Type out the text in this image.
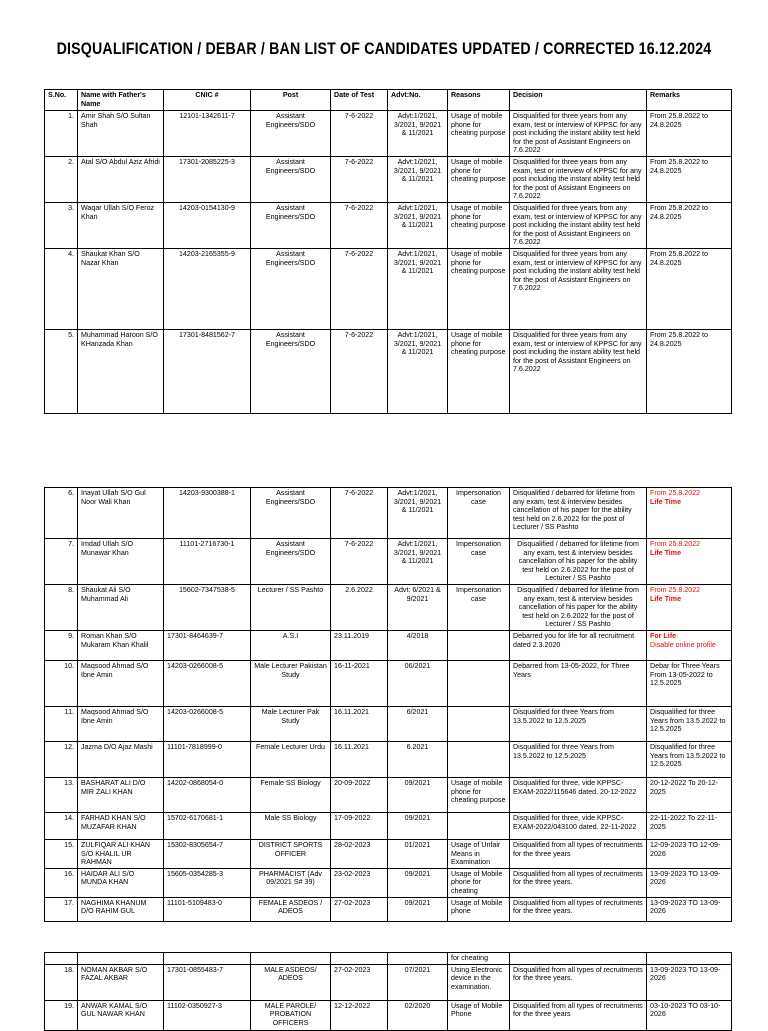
DISQUALIFICATION / DEBAR / BAN LIST OF CANDIDATES UPDATED / CORRECTED 16.12.2024
S.No.	Name with Father's Name	CNIC #	Post	Date of Test	Advt:No.	Reasons	Decision	Remarks
1.	Amir Shah S/O Sultan Shah	12101-1342611-7	Assistant Engineers/SDO	7-6-2022	Advt:1/2021, 3/2021, 9/2021 & 11/2021	Usage of mobile phone for cheating purpose	Disqualified for three years from any exam, test or interview of KPPSC for any post including the instant ability test held for the post of Assistant Engineers on 7.6.2022	From 25.8.2022 to 24.8.2025
2.	Atal S/O Abdul Aziz Afridi	17301-2085225-3	Assistant Engineers/SDO	7-6-2022	Advt:1/2021, 3/2021, 9/2021 & 11/2021	Usage of mobile phone for cheating purpose	Disqualified for three years from any exam, test or interview of KPPSC for any post including the instant ability test held for the post of Assistant Engineers on 7.6.2022	From 25.8.2022 to 24.8.2025
3.	Waqar Ullah S/O Feroz Khan	14203-0154130-9	Assistant Engineers/SDO	7-6-2022	Advt:1/2021, 3/2021, 9/2021 & 11/2021	Usage of mobile phone for cheating purpose	Disqualified for three years from any exam, test or interview of KPPSC for any post including the instant ability test held for the post of Assistant Engineers on 7.6.2022	From 25.8.2022 to 24.8.2025
4.	Shaukat Khan S/O Nazar Khan	14203-2165355-9	Assistant Engineers/SDO	7-6-2022	Advt:1/2021, 3/2021, 9/2021 & 11/2021	Usage of mobile phone for cheating purpose	Disqualified for three years from any exam, test or interview of KPPSC for any post including the instant ability test held for the post of Assistant Engineers on 7.6.2022	From 25.8.2022 to 24.8.2025
5.	Muhammad Haroon S/O KHanzada Khan	17301-8481562-7	Assistant Engineers/SDO	7-6-2022	Advt:1/2021, 3/2021, 9/2021 & 11/2021	Usage of mobile phone for cheating purpose	Disqualified for three years from any exam, test or interview of KPPSC for any post including the instant ability test held for the post of Assistant Engineers on 7.6.2022	From 25.8.2022 to 24.8.2025
6.	Inayat Ullah S/O Gul Noor Wali Khan	14203-9300388-1	Assistant Engineers/SDO	7-6-2022	Advt:1/2021, 3/2021, 9/2021 & 11/2021	Impersonation case	Disqualified / debarred for lifetime from any exam, test & interview besides cancellation of his paper for the ability test held on 2.6.2022 for the post of Lecturer / SS Pashto	From 25.8.2022
Life Time

7.	Imdad Ullah S/O Munawar Khan	11101-2716730-1	Assistant Engineers/SDO	7-6-2022	Advt:1/2021, 3/2021, 9/2021 & 11/2021	Impersonation case	Disqualified / debarred for lifetime from any exam, test & interview besides cancellation of his paper for the ability test held on 2.6.2022 for the post of Lecturer / SS Pashto	From 25.8.2022
Life Time

8.	Shaukat Ali S/O Muhammad Ali	15602-7347538-5	Lecturer / SS Pashto	2.6.2022	Advt: 6/2021 & 9/2021	Impersonation case	Disqualified / debarred for lifetime from any exam, test & interview besides cancellation of his paper for the ability test held on 2.6.2022 for the post of Lecturer / SS Pashto	From 25.8.2022
Life Time

9.	Roman Khan S/O Mukaram Khan Khalil	17301-8464639-7	A.S.I	23.11.2019	4/2018		Debarred you for life for all recruitment dated 2.3.2020	For Life
Disable online profile

10.	Maqsood Ahmad S/O Ibne Amin	14203-0266008-5	Male Lecturer Pakistan Study	16-11-2021	06/2021		Debarred from 13-05-2022, for Three Years	Debar for Three Years From 13-05-2022 to 12.5.2025
11.	Maqsood Ahmad S/O Ibne Amin	14203-0266008-5	Male Lecturer Pak Study	16.11.2021	6/2021		Disqualified for three Years from 13.5.2022 to 12.5.2025	Disqualified for three Years from 13.5.2022 to 12.5.2025
12.	Jazma D/O Ajaz Mashi	11101-7818999-0	Female Lecturer Urdu	16.11.2021	6.2021		Disqualified for three Years from 13.5.2022 to 12.5.2025	Disqualified for three Years from 13.5.2022 to 12.5.2025
13.	BASHARAT ALI D/O MIR ZALI KHAN	14202-0868054-0	Female SS Biology	20-09-2022	09/2021	Usage of mobile phone for cheating purpose	Disqualified for three, vide KPPSC-EXAM-2022/115646 dated. 20-12-2022	20-12-2022 To 20-12-2025
14.	FARHAD KHAN S/O MUZAFAR KHAN	15702-6170681-1	Male SS Biology	17-09-2022	09/2021		Disqualified for three, vide KPPSC-EXAM-2022/043100 dated. 22-11-2022	22-11-2022 To 22-11-2025
15.	ZULFIQAR ALI KHAN S/O KHALIL UR RAHMAN	15302-8305654-7	DISTRICT SPORTS OFFICER	28-02-2023	01/2021	Usage of Unfair Means in Examination	Disqualified from all types of recruitments for the three years	12-09-2023 TO 12-09-2026
16.	HAIDAR ALI S/O MUNDA KHAN	15605-0354285-3	PHARMACIST (Adv 09/2021 S# 39)	23-02-2023	09/2021	Usage of Mobile phone for cheating	Disqualified from all types of recruitments for the three years.	13-09-2023 TO 13-09-2026
17.	NAGHIMA KHANUM D/O RAHIM GUL	11101-5109483-0	FEMALE ASDEOS / ADEOS	27-02-2023	09/2021	Usage of Mobile phone	Disqualified from all types of recruitments for the three years.	13-09-2023 TO 13-09-2026
						for cheating		
18.	NOMAN AKBAR S/O FAZAL AKBAR	17301-0855483-7	MALE ASDEOS/ ADEOS	27-02-2023	07/2021	Using Electronic device in the examination.	Disqualified from all types of recruitments for the three years.	13-09-2023 TO 13-09-2026
19.	ANWAR KAMAL S/O GUL NAWAR KHAN	11102-0350927-3	MALE PAROLE/ PROBATION OFFICERS	12-12-2022	02/2020	Usage of Mobile Phone	Disqualified from all types of recruitments for the three years	03-10-2023 TO 03-10-2026
